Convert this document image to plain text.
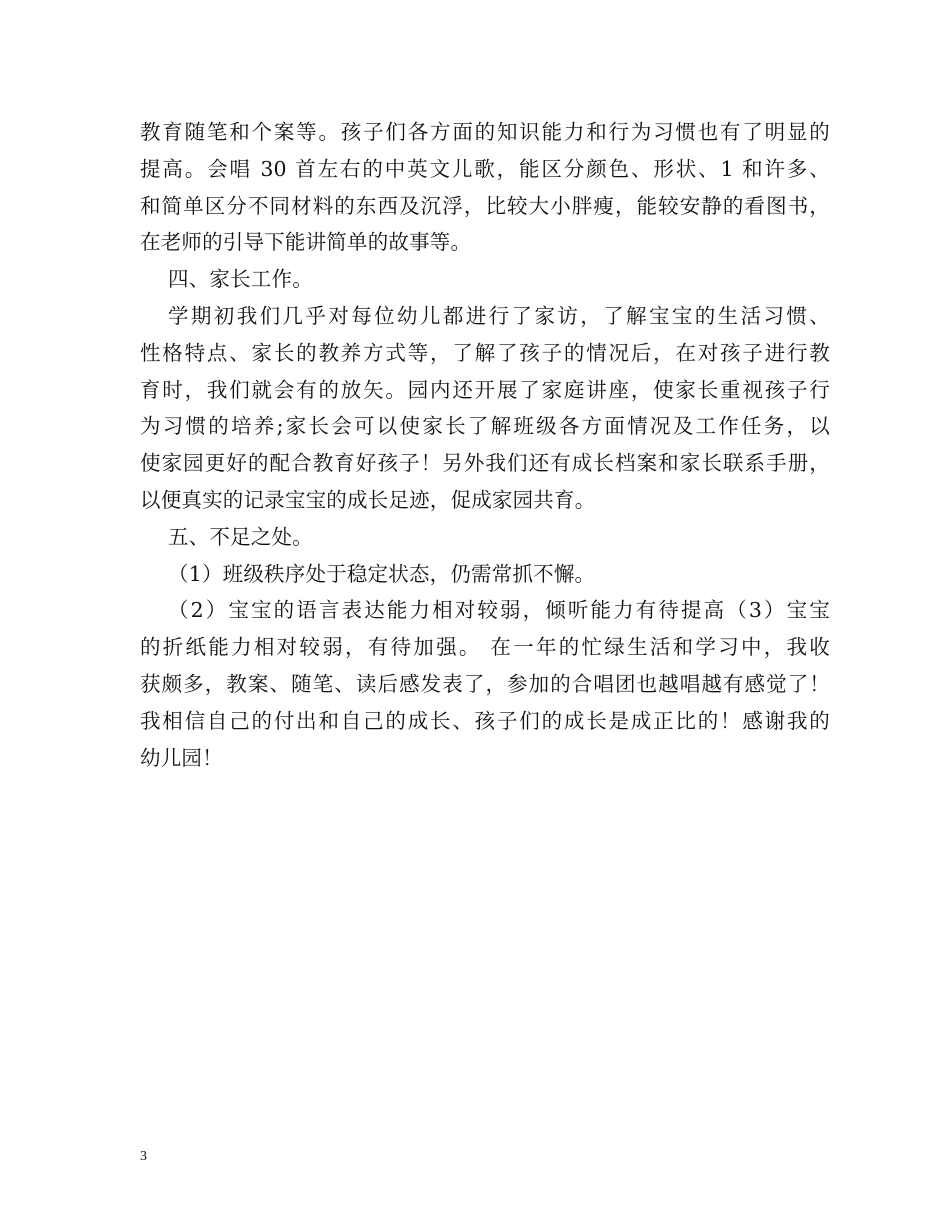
教育随笔和个案等。孩子们各方面的知识能力和行为习惯也有了明显的
提高。会唱 30 首左右的中英文儿歌，能区分颜色、形状、1 和许多、
和简单区分不同材料的东西及沉浮，比较大小胖瘦，能较安静的看图书，
在老师的引导下能讲简单的故事等。
四、家长工作。
学期初我们几乎对每位幼儿都进行了家访，了解宝宝的生活习惯、
性格特点、家长的教养方式等，了解了孩子的情况后，在对孩子进行教
育时，我们就会有的放矢。园内还开展了家庭讲座，使家长重视孩子行
为习惯的培养;家长会可以使家长了解班级各方面情况及工作任务，以
使家园更好的配合教育好孩子！另外我们还有成长档案和家长联系手册，
以便真实的记录宝宝的成长足迹，促成家园共育。
五、不足之处。
（1）班级秩序处于稳定状态，仍需常抓不懈。
（2）宝宝的语言表达能力相对较弱，倾听能力有待提高（3）宝宝
的折纸能力相对较弱，有待加强。 在一年的忙绿生活和学习中，我收
获颇多，教案、随笔、读后感发表了，参加的合唱团也越唱越有感觉了！
我相信自己的付出和自己的成长、孩子们的成长是成正比的！感谢我的
幼儿园！
3
